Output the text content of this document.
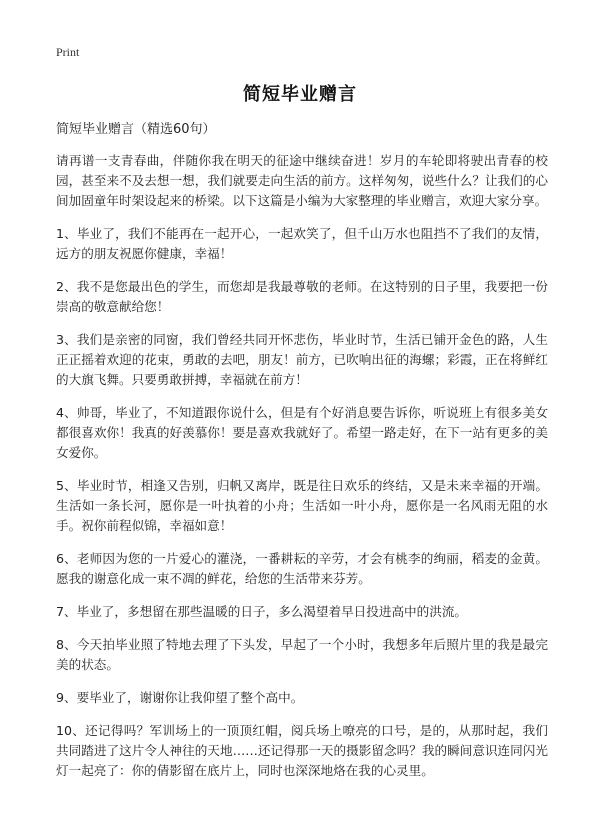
Print
简短毕业赠言

简短毕业赠言（精选60句）

请再谱一支青春曲，伴随你我在明天的征途中继续奋进！岁月的车轮即将驶出青春的校园，甚至来不及去想一想，我们就要走向生活的前方。这样匆匆，说些什么？让我们的心间加固童年时架设起来的桥梁。以下这篇是小编为大家整理的毕业赠言，欢迎大家分享。

1、毕业了，我们不能再在一起开心，一起欢笑了，但千山万水也阻挡不了我们的友情，远方的朋友祝愿你健康，幸福！

2、我不是您最出色的学生，而您却是我最尊敬的老师。在这特别的日子里，我要把一份崇高的敬意献给您！

3、我们是亲密的同窗，我们曾经共同开怀悲伤，毕业时节，生活已铺开金色的路，人生正正摇着欢迎的花束，勇敢的去吧，朋友！前方，已吹响出征的海螺；彩霞，正在将鲜红的大旗飞舞。只要勇敢拼搏，幸福就在前方！

4、帅哥，毕业了，不知道跟你说什么，但是有个好消息要告诉你，听说班上有很多美女都很喜欢你！我真的好羡慕你！要是喜欢我就好了。希望一路走好，在下一站有更多的美女爱你。

5、毕业时节，相逢又告别，归帆又离岸，既是往日欢乐的终结，又是未来幸福的开端。生活如一条长河，愿你是一叶执着的小舟；生活如一叶小舟，愿你是一名风雨无阻的水手。祝你前程似锦，幸福如意！

6、老师因为您的一片爱心的灌浇，一番耕耘的辛劳，才会有桃李的绚丽，稻麦的金黄。愿我的谢意化成一束不凋的鲜花，给您的生活带来芬芳。

7、毕业了，多想留在那些温暖的日子，多么渴望着早日投进高中的洪流。

8、今天拍毕业照了特地去理了下头发，早起了一个小时，我想多年后照片里的我是最完美的状态。

9、要毕业了，谢谢你让我仰望了整个高中。

10、还记得吗？军训场上的一顶顶红帽，阅兵场上嘹亮的口号，是的，从那时起，我们共同踏进了这片令人神往的天地……还记得那一天的摄影留念吗？我的瞬间意识连同闪光灯一起亮了：你的倩影留在底片上，同时也深深地烙在我的心灵里。
